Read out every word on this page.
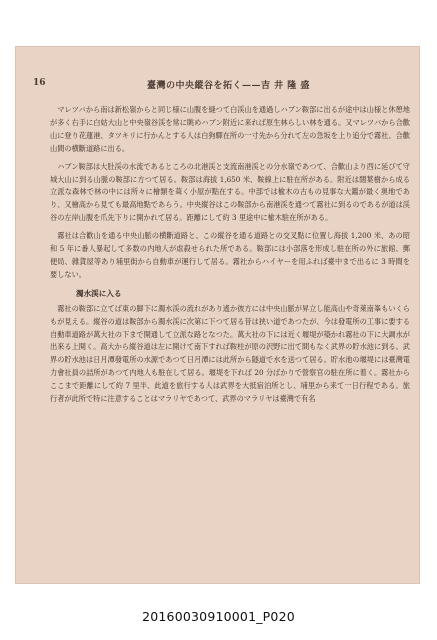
16	臺灣の中央縱谷を拓く——吉 井 隆 盛

マレツバから南は新松嶺からと同じ様に山腹を縫つて白渓山を通過しハブン鞍部に出るが途中は山様と休憩地が多く右手に白姑大山と中央嶺谷渓を常に眺めハブン附近に来れば原生林らしい林を通る。又マレツバから合歡山に登り花蓮港、タツキリに行かんとする人は白狗驛在所の一寸先から分れて左の急坂を上り追分で霧社、合歡山間の横斷道路に出る。

ハブン鞍部は大肚渓の水流であるところの北港渓と支流南港渓との分水嶺であつて、合歡山より西に延びて守城大山に到る山脈の鞍部に方つて居る。鞍部は海拔 1,650 米、鞍線上に駐在所がある。附近は闊葉樹から成る立派な森林で林の中には所々に檜類を葺く小屋が點在する。中部では楡木の古もの見事な大鑑が最く奥地であり、又檜高から見ても最高地點であらう。中央縱谷はこの鞍部から南港渓を通つて霧社に到るのであるが道は渓谷の左岸山腹を爪先下りに開かれて居る。距離にして約 3 里途中に楡木駐在所がある。

霧社は合歡山を通る中央山脈の横斷道路と、この縱谷を通る道路との交叉點に位置し海拔 1,200 米、あの昭和 5 年に番人暴起して多数の内地人が虐殺せられた所である。鞍部には小部落を形成し駐在所の外に旅館、郵便局、雜貨屋等あり埔里街から自動車が運行して居る。霧社からハイヤーを用ふれば臺中まで出るに 3 時間を要しない。

濁水渓に入る

霧社の鞍部に立てば東の脚下に濁水渓の流れがあり遙か彼方には中央山脈が昇立し能高山や奇萊南峯もいくらもが見える。縱谷の道は鞍部から濁水渓に次第に下つて居る昔は狭い道であつたが、今は發電所の工事に要する自動車道路が萬大社の下まで開通して立派な路となつた。萬大社の下には近く堰堤が築かれ霧社の下に大調水が出來る上開く。高大から縱谷道は左に開けて南下すれば鞍柱が原の沢野に出て間もなく武界の貯水池に到る。武界の貯水池は日月潭發電所の水源であつて日月潭には此所から隧道で水を送つて居る。貯水池の堰堤には臺灣電力會社員の詰所があつて内地人も駐在して居る。堰堤を下れば 20 分ばかりで營察官の駐在所に着く。霧社からここまで距離にして約 7 里半、此道を旅行する人は武界を大抵宿泊所とし、埔里から来て一日行程である。旅行者が此所で特に注意することはマラリヤであつて、武界のマラリヤは臺灣で有名

20160030910001_P020
